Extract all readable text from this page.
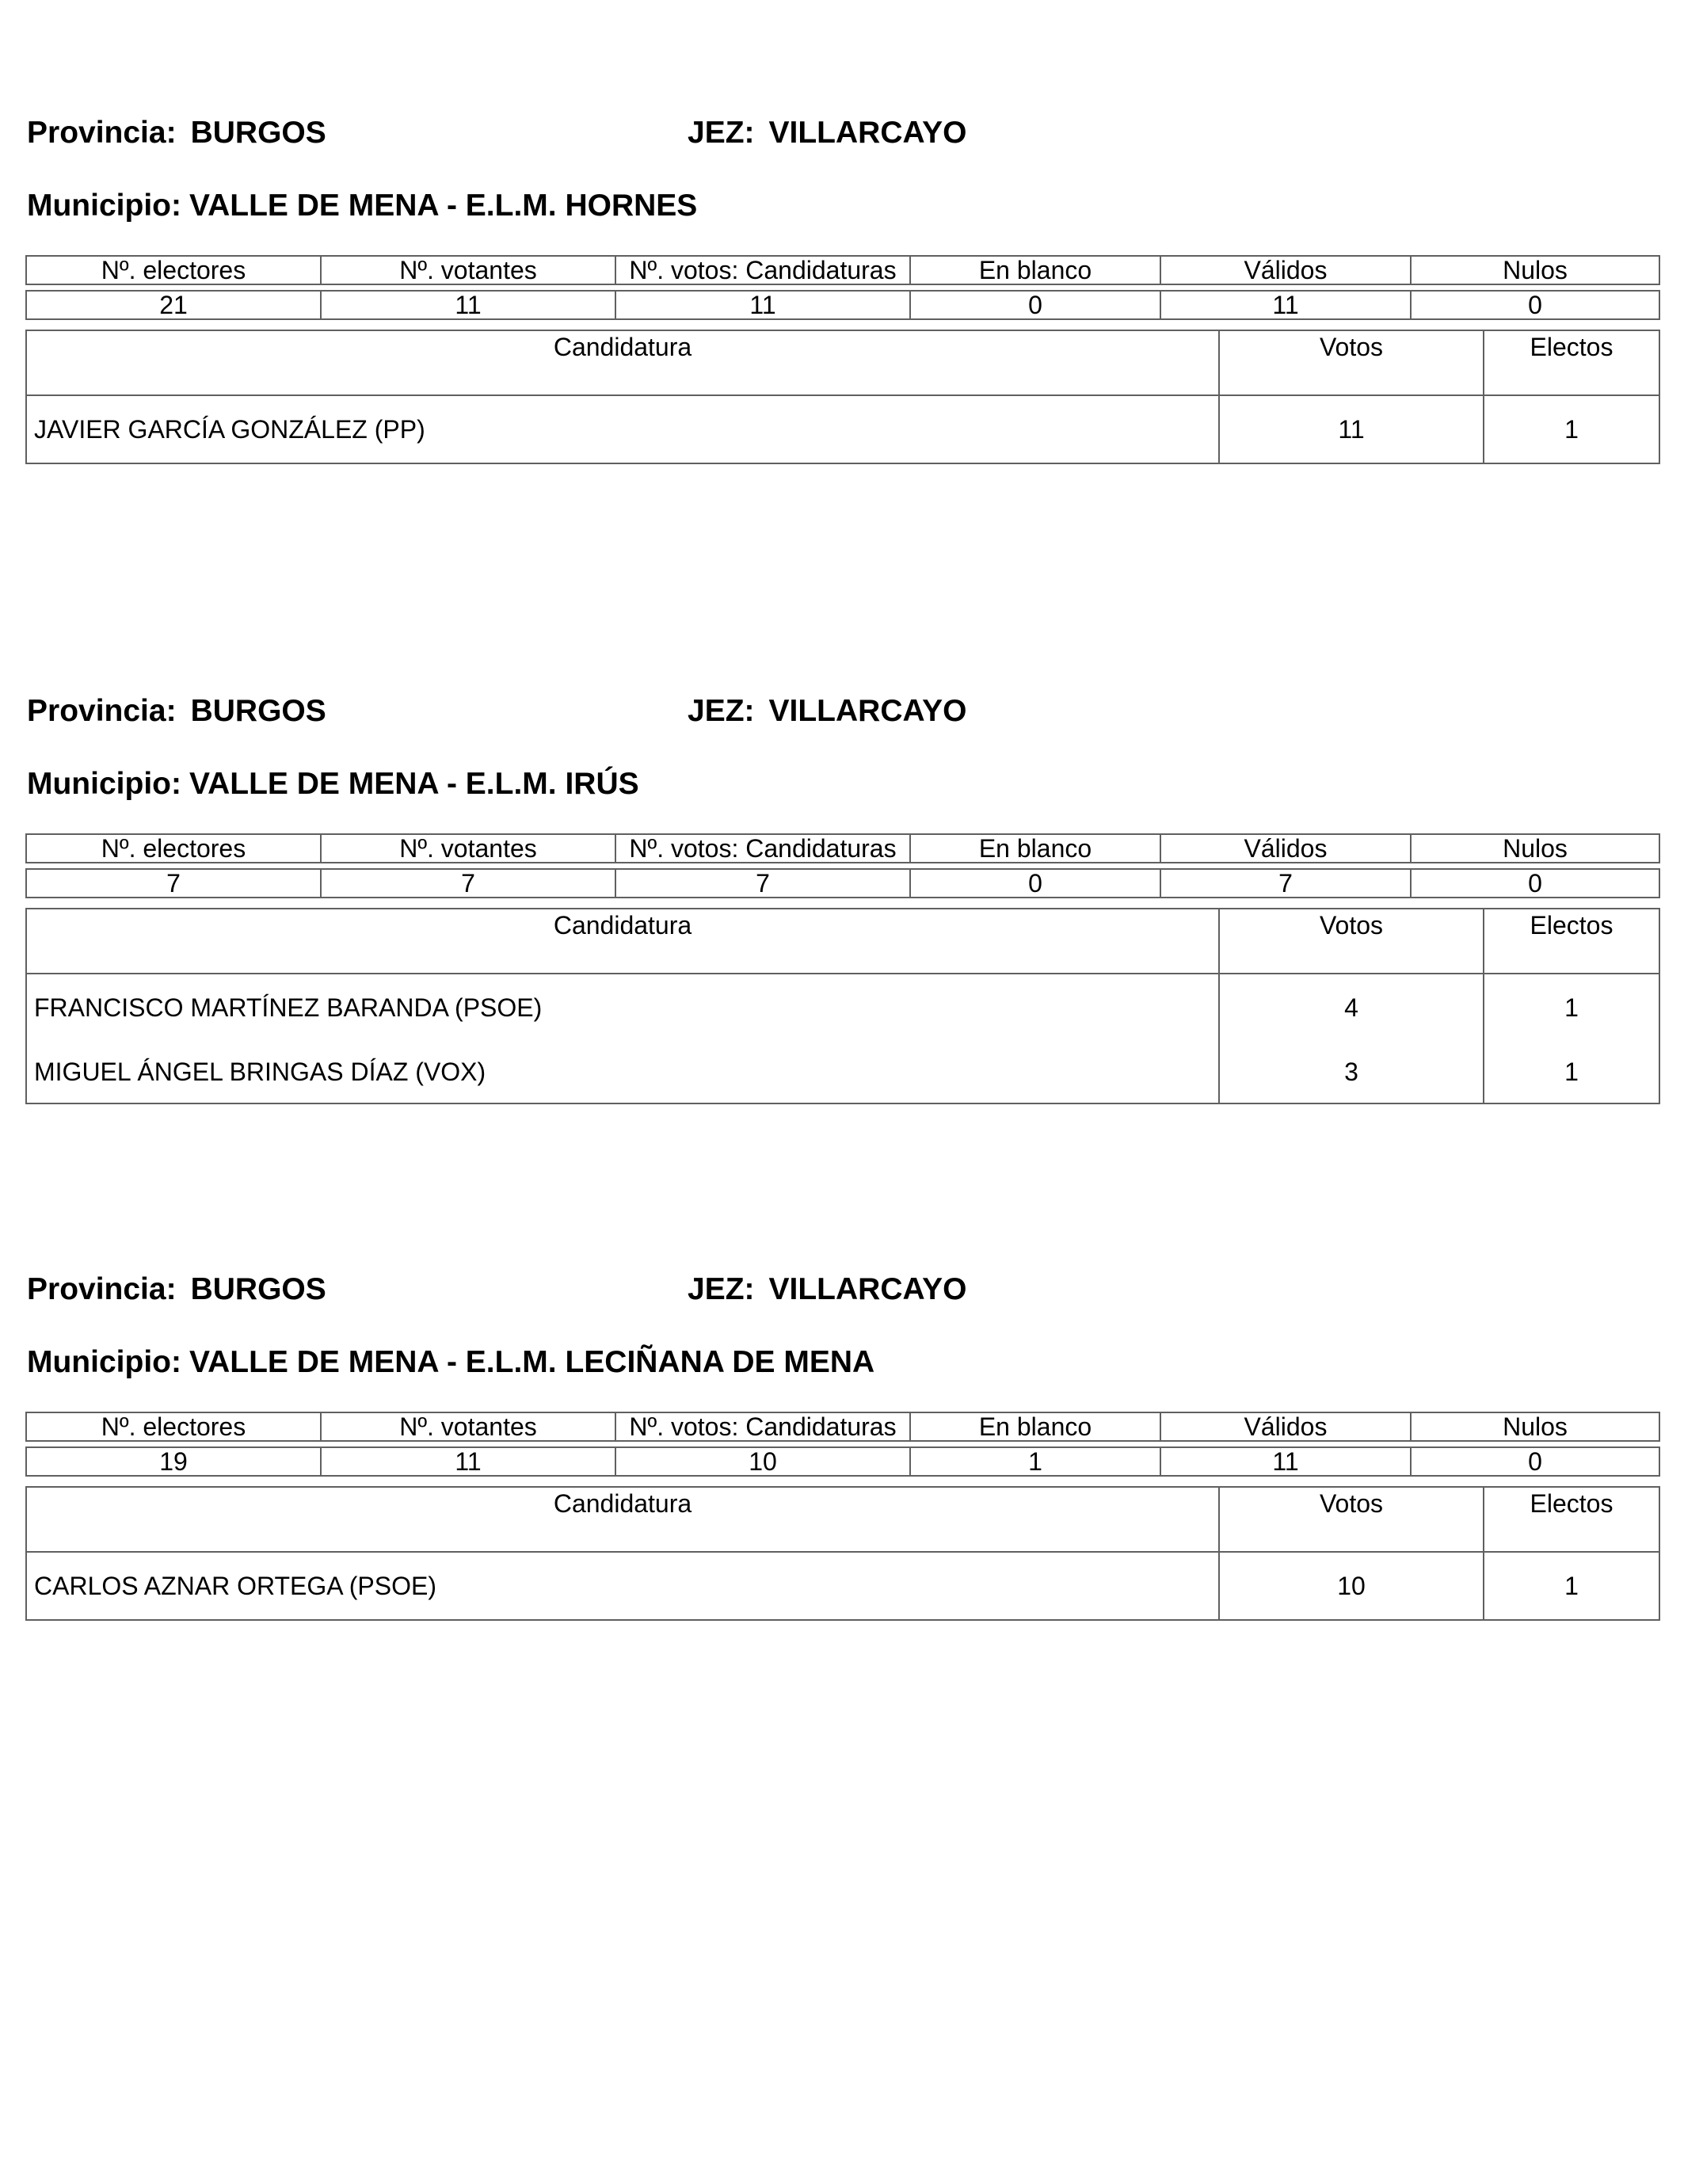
Provincia: BURGOS	JEZ: VILLARCAYO
Municipio: VALLE DE MENA - E.L.M. HORNES
Nº. electores	Nº. votantes	Nº. votos: Candidaturas	En blanco	Válidos	Nulos

21	11	11	0	11	0
Candidatura	Votos	Electos
JAVIER GARCÍA GONZÁLEZ (PP)	11	1
Provincia: BURGOS	JEZ: VILLARCAYO
Municipio: VALLE DE MENA - E.L.M. IRÚS
Nº. electores	Nº. votantes	Nº. votos: Candidaturas	En blanco	Válidos	Nulos

7	7	7	0	7	0
Candidatura	Votos	Electos
FRANCISCO MARTÍNEZ BARANDA (PSOE)	4	1
MIGUEL ÁNGEL BRINGAS DÍAZ (VOX)	3	1
Provincia: BURGOS	JEZ: VILLARCAYO
Municipio: VALLE DE MENA - E.L.M. LECIÑANA DE MENA
Nº. electores	Nº. votantes	Nº. votos: Candidaturas	En blanco	Válidos	Nulos

19	11	10	1	11	0
Candidatura	Votos	Electos
CARLOS AZNAR ORTEGA (PSOE)	10	1
